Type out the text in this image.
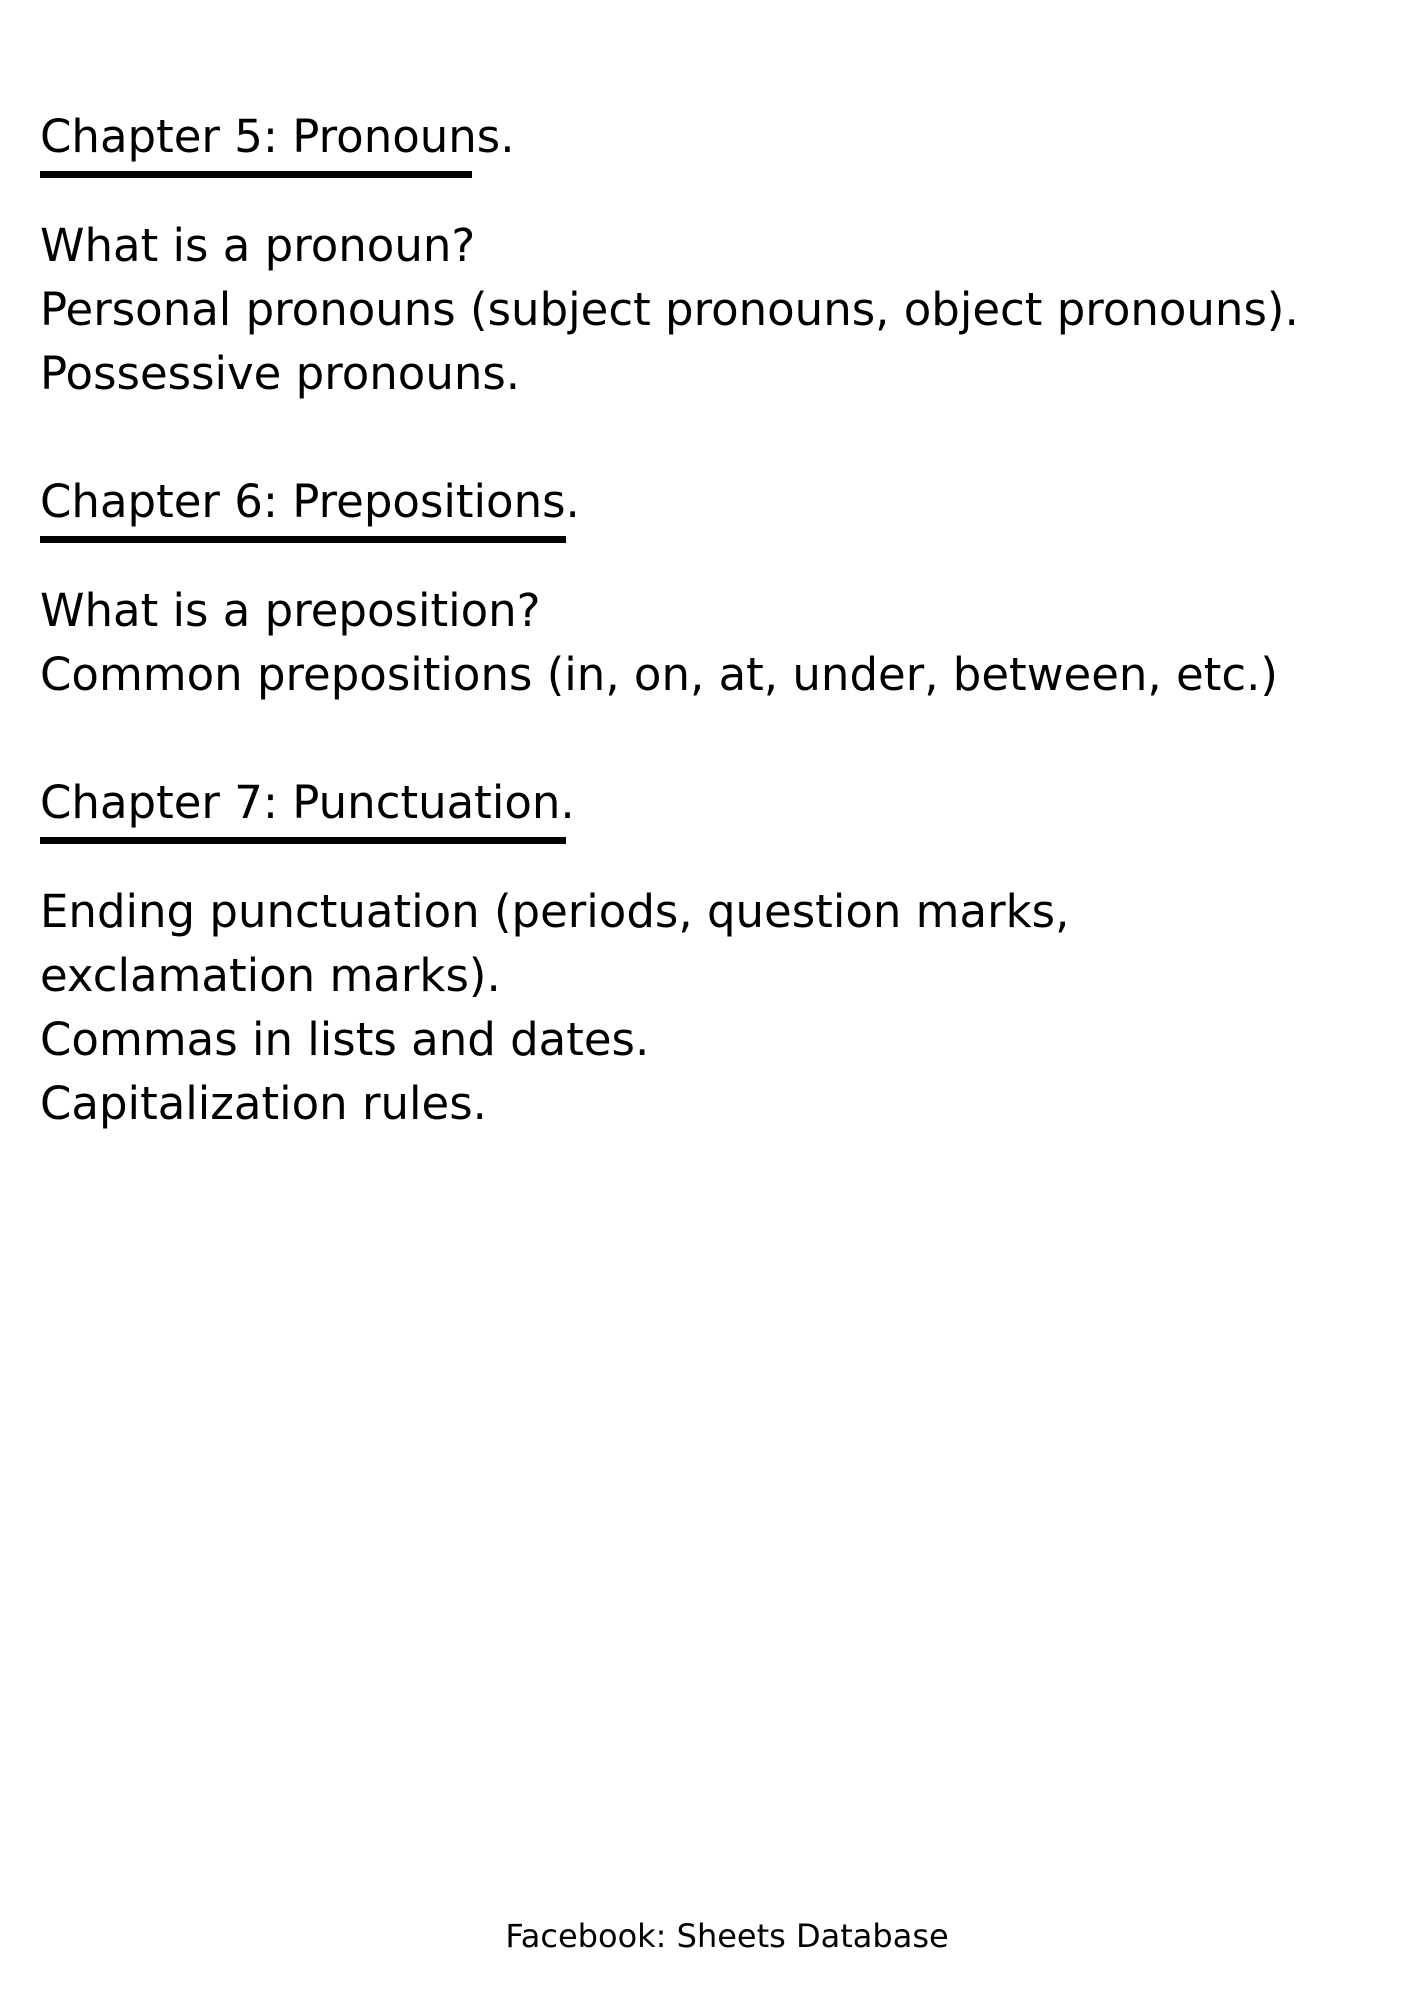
Chapter 5: Pronouns.
What is a pronoun?
Personal pronouns (subject pronouns, object pronouns).
Possessive pronouns.
Chapter 6: Prepositions.
What is a preposition?
Common prepositions (in, on, at, under, between, etc.)
Chapter 7: Punctuation.
Ending punctuation (periods, question marks, exclamation marks).
Commas in lists and dates.
Capitalization rules.
Facebook: Sheets Database
